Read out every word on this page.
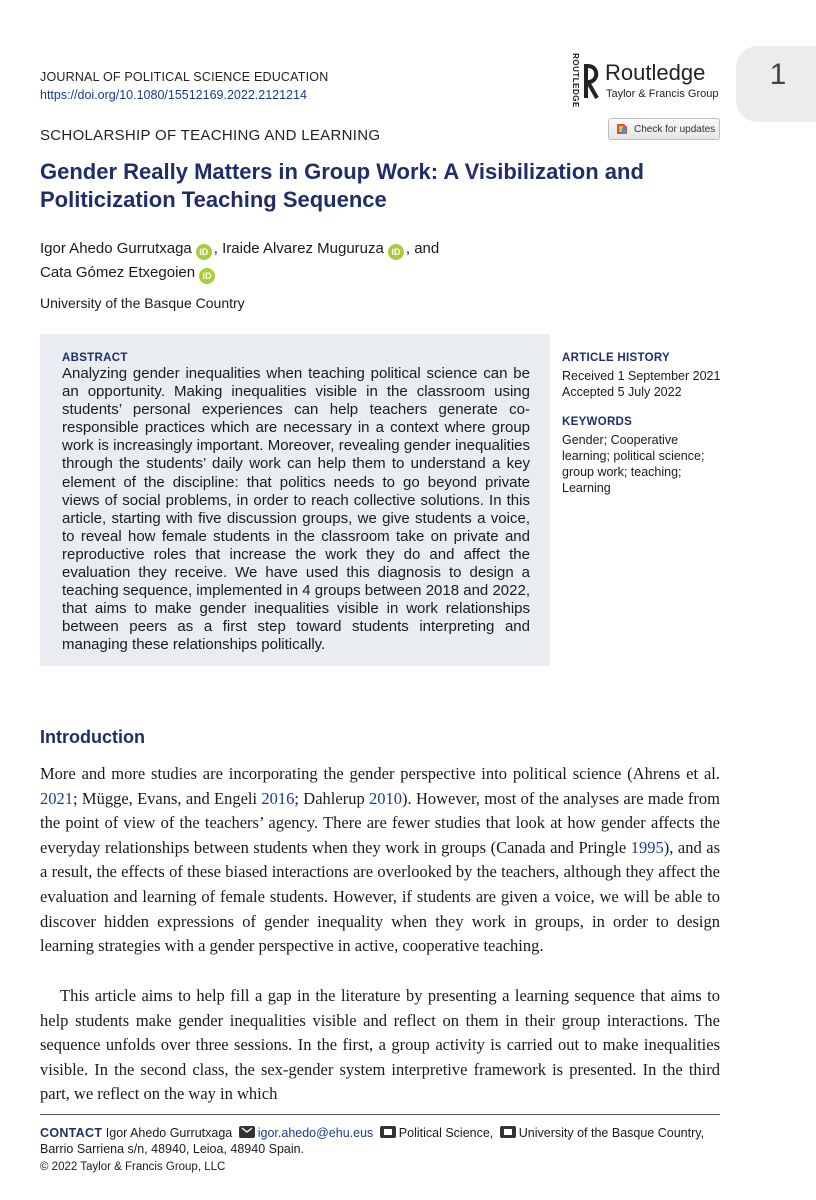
1
JOURNAL OF POLITICAL SCIENCE EDUCATION
https://doi.org/10.1080/15512169.2022.2121214	ROUTLEDGE Routledge
Taylor & Francis Group
SCHOLARSHIP OF TEACHING AND LEARNING	Check for updates
Gender Really Matters in Group Work: A Visibilization and Politicization Teaching Sequence
Igor Ahedo Gurrutxaga iD , Iraide Alvarez Muguruza iD , and
Cata Gómez Etxegoien iD
University of the Basque Country
ABSTRACT
Analyzing gender inequalities when teaching political science can be an opportunity. Making inequalities visible in the classroom using students’ personal experiences can help teachers generate co-responsible practices which are necessary in a context where group work is increasingly important. Moreover, revealing gender inequalities through the students’ daily work can help them to understand a key element of the discipline: that politics needs to go beyond private views of social problems, in order to reach collective solutions. In this article, starting with five discussion groups, we give students a voice, to reveal how female students in the classroom take on private and reproductive roles that increase the work they do and affect the evaluation they receive. We have used this diagnosis to design a teaching sequence, implemented in 4 groups between 2018 and 2022, that aims to make gender inequalities visible in work relationships between peers as a first step toward students interpreting and managing these relationships politically.
ARTICLE HISTORY
Received 1 September 2021
Accepted 5 July 2022
KEYWORDS
Gender; Cooperative learning; political science; group work; teaching; Learning
Introduction
More and more studies are incorporating the gender perspective into political science (Ahrens et al. 2021; Mügge, Evans, and Engeli 2016; Dahlerup 2010). However, most of the analyses are made from the point of view of the teachers’ agency. There are fewer studies that look at how gender affects the everyday relationships between students when they work in groups (Canada and Pringle 1995), and as a result, the effects of these biased interactions are overlooked by the teachers, although they affect the evaluation and learning of female students. However, if students are given a voice, we will be able to discover hidden expressions of gender inequality when they work in groups, in order to design learning strategies with a gender perspective in active, cooperative teaching.
This article aims to help fill a gap in the literature by presenting a learning sequence that aims to help students make gender inequalities visible and reflect on them in their group interactions. The sequence unfolds over three sessions. In the first, a group activity is carried out to make inequalities visible. In the second class, the sex-gender system interpretive framework is presented. In the third part, we reflect on the way in which
CONTACT Igor Ahedo Gurrutxaga igor.ahedo@ehu.eus Political Science, University of the Basque Country,
Barrio Sarriena s/n, 48940, Leioa, 48940 Spain.
© 2022 Taylor & Francis Group, LLC
